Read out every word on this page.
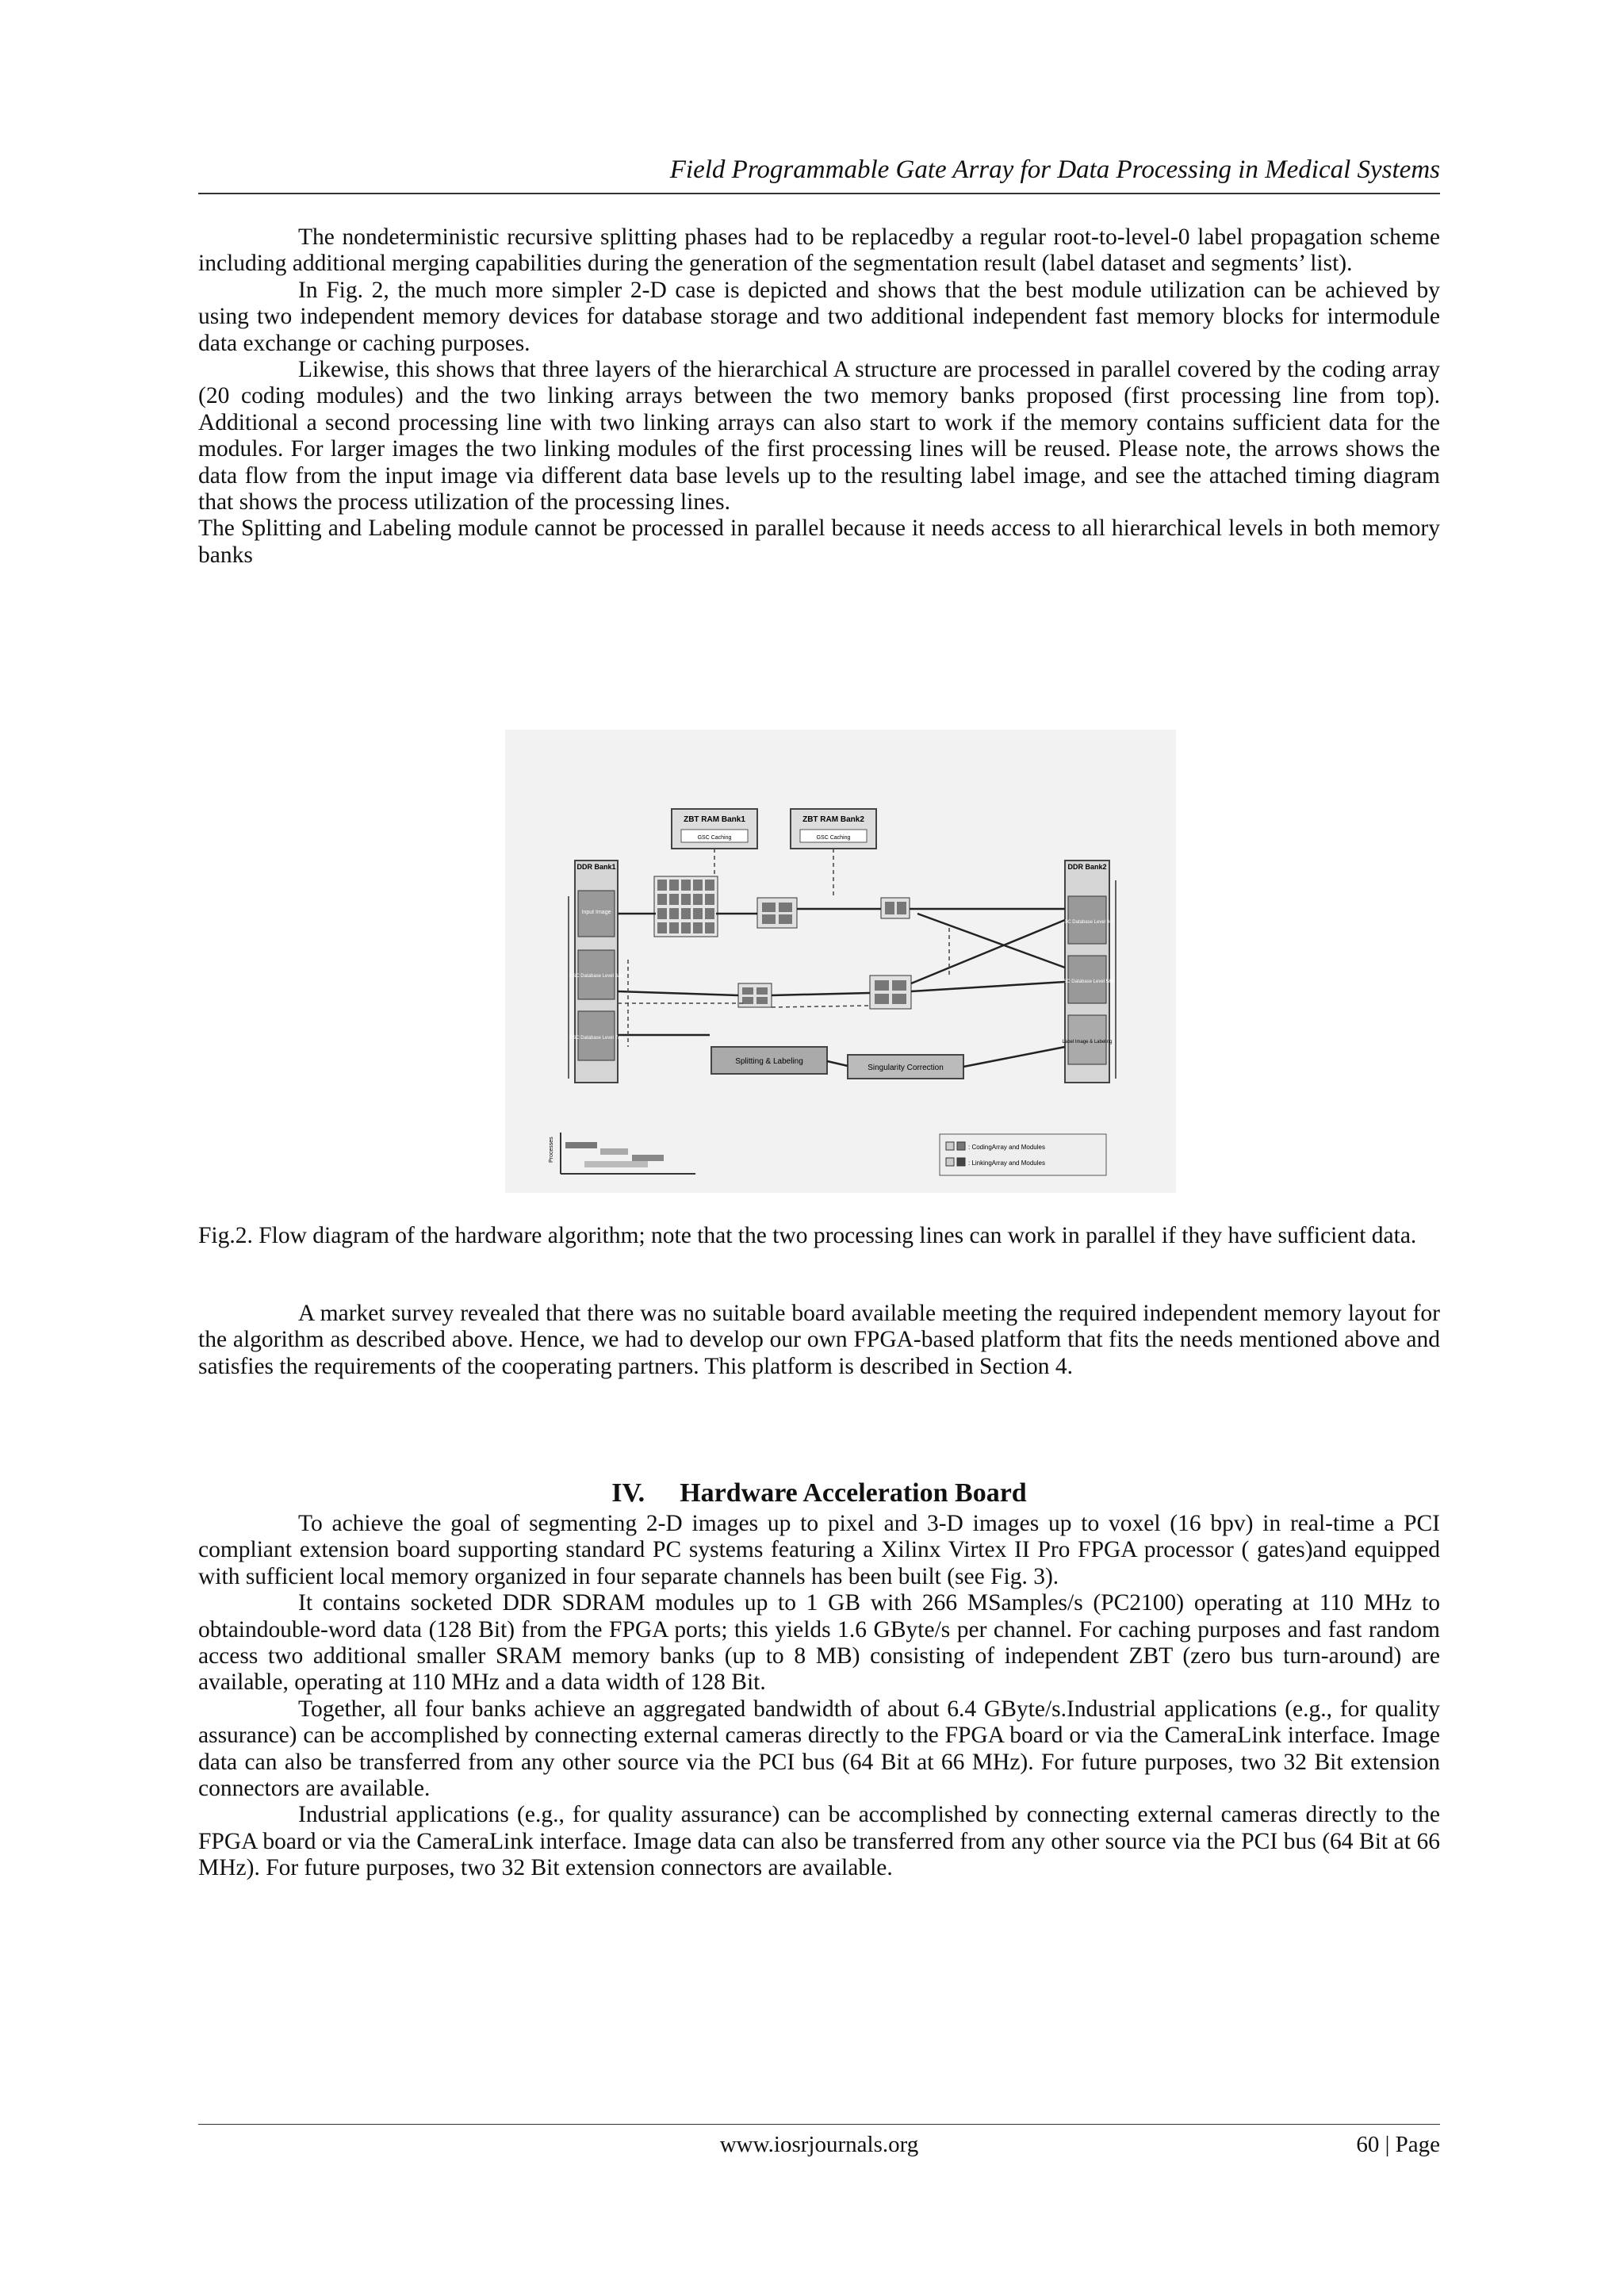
Field Programmable Gate Array for Data Processing in Medical Systems

The nondeterministic recursive splitting phases had to be replacedby a regular root-to-level-0 label propagation scheme including additional merging capabilities during the generation of the segmentation result (label dataset and segments’ list).

In Fig. 2, the much more simpler 2-D case is depicted and shows that the best module utilization can be achieved by using two independent memory devices for database storage and two additional independent fast memory blocks for intermodule data exchange or caching purposes.

Likewise, this shows that three layers of the hierarchical A structure are processed in parallel covered by the coding array (20 coding modules) and the two linking arrays between the two memory banks proposed (first processing line from top). Additional a second processing line with two linking arrays can also start to work if the memory contains sufficient data for the modules. For larger images the two linking modules of the first processing lines will be reused. Please note, the arrows shows the data flow from the input image via different data base levels up to the resulting label image, and see the attached timing diagram that shows the process utilization of the processing lines.

The Splitting and Labeling module cannot be processed in parallel because it needs access to all hierarchical levels in both memory banks

ZBT RAM Bank1
GSC Caching
ZBT RAM Bank2
GSC Caching
DDR Bank1
Input Image
GSC Database Level 3&4
GSC Database Level 7&8
DDR Bank2
GSC Database Level 0-2
GSC Database Level 5&6
Label Image & Labeling
Splitting & Labeling
Singularity Correction
Processes	: CodingArray and Modules
: LinkingArray and Modules
Fig.2. Flow diagram of the hardware algorithm; note that the two processing lines can work in parallel if they have sufficient data.

A market survey revealed that there was no suitable board available meeting the required independent memory layout for the algorithm as described above. Hence, we had to develop our own FPGA-based platform that fits the needs mentioned above and satisfies the requirements of the cooperating partners. This platform is described in Section 4.

IV. Hardware Acceleration Board

To achieve the goal of segmenting 2-D images up to pixel and 3-D images up to voxel (16 bpv) in real-time a PCI compliant extension board supporting standard PC systems featuring a Xilinx Virtex II Pro FPGA processor ( gates)and equipped with sufficient local memory organized in four separate channels has been built (see Fig. 3).

It contains socketed DDR SDRAM modules up to 1 GB with 266 MSamples/s (PC2100) operating at 110 MHz to obtaindouble-word data (128 Bit) from the FPGA ports; this yields 1.6 GByte/s per channel. For caching purposes and fast random access two additional smaller SRAM memory banks (up to 8 MB) consisting of independent ZBT (zero bus turn-around) are available, operating at 110 MHz and a data width of 128 Bit.

Together, all four banks achieve an aggregated bandwidth of about 6.4 GByte/s.Industrial applications (e.g., for quality assurance) can be accomplished by connecting external cameras directly to the FPGA board or via the CameraLink interface. Image data can also be transferred from any other source via the PCI bus (64 Bit at 66 MHz). For future purposes, two 32 Bit extension connectors are available.

Industrial applications (e.g., for quality assurance) can be accomplished by connecting external cameras directly to the FPGA board or via the CameraLink interface. Image data can also be transferred from any other source via the PCI bus (64 Bit at 66 MHz). For future purposes, two 32 Bit extension connectors are available.

www.iosrjournals.org	60 | Page
